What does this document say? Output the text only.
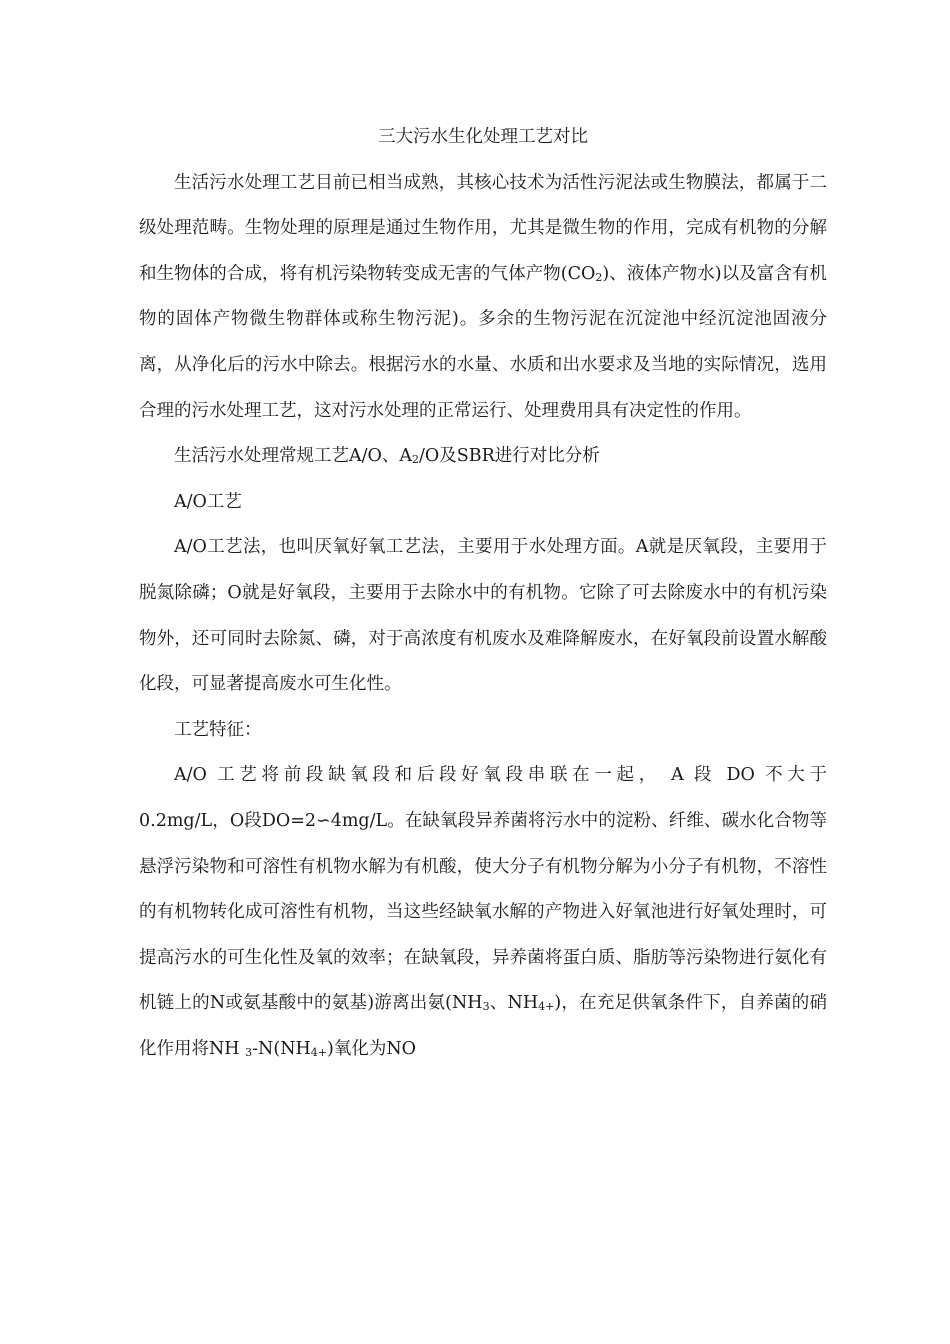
三大污水生化处理工艺对比

生活污水处理工艺目前已相当成熟，其核心技术为活性污泥法或生物膜法，都属于二级处理范畴。生物处理的原理是通过生物作用，尤其是微生物的作用，完成有机物的分解和生物体的合成，将有机污染物转变成无害的气体产物$(CO_2)$、液体产物水)以及富含有机物的固体产物微生物群体或称生物污泥)。多余的生物污泥在沉淀池中经沉淀池固液分离，从净化后的污水中除去。根据污水的水量、水质和出水要求及当地的实际情况，选用合理的污水处理工艺，这对污水处理的正常运行、处理费用具有决定性的作用。

生活污水处理常规工艺A/O、$A_2/O$及SBR进行对比分析

A/O工艺

A/O工艺法，也叫厌氧好氧工艺法，主要用于水处理方面。A就是厌氧段，主要用于脱氮除磷；O就是好氧段，主要用于去除水中的有机物。它除了可去除废水中的有机污染物外，还可同时去除氮、磷，对于高浓度有机废水及难降解废水，在好氧段前设置水解酸化段，可显著提高废水可生化性。

工艺特征：

A/O 工艺将前段缺氧段和后段好氧段串联在一起， A 段 DO 不大于

0.2mg/L，O段DO=2∽4mg/L。在缺氧段异养菌将污水中的淀粉、纤维、碳水化合物等悬浮污染物和可溶性有机物水解为有机酸，使大分子有机物分解为小分子有机物，不溶性的有机物转化成可溶性有机物，当这些经缺氧水解的产物进入好氧池进行好氧处理时，可提高污水的可生化性及氧的效率；在缺氧段，异养菌将蛋白质、脂肪等污染物进行氨化有机链上的N或氨基酸中的氨基)游离出氨($NH_3$、$NH_{4+}$)，在充足供氧条件下，自养菌的硝化作用将NH $_3-N(NH_{4+})$氧化为NO
